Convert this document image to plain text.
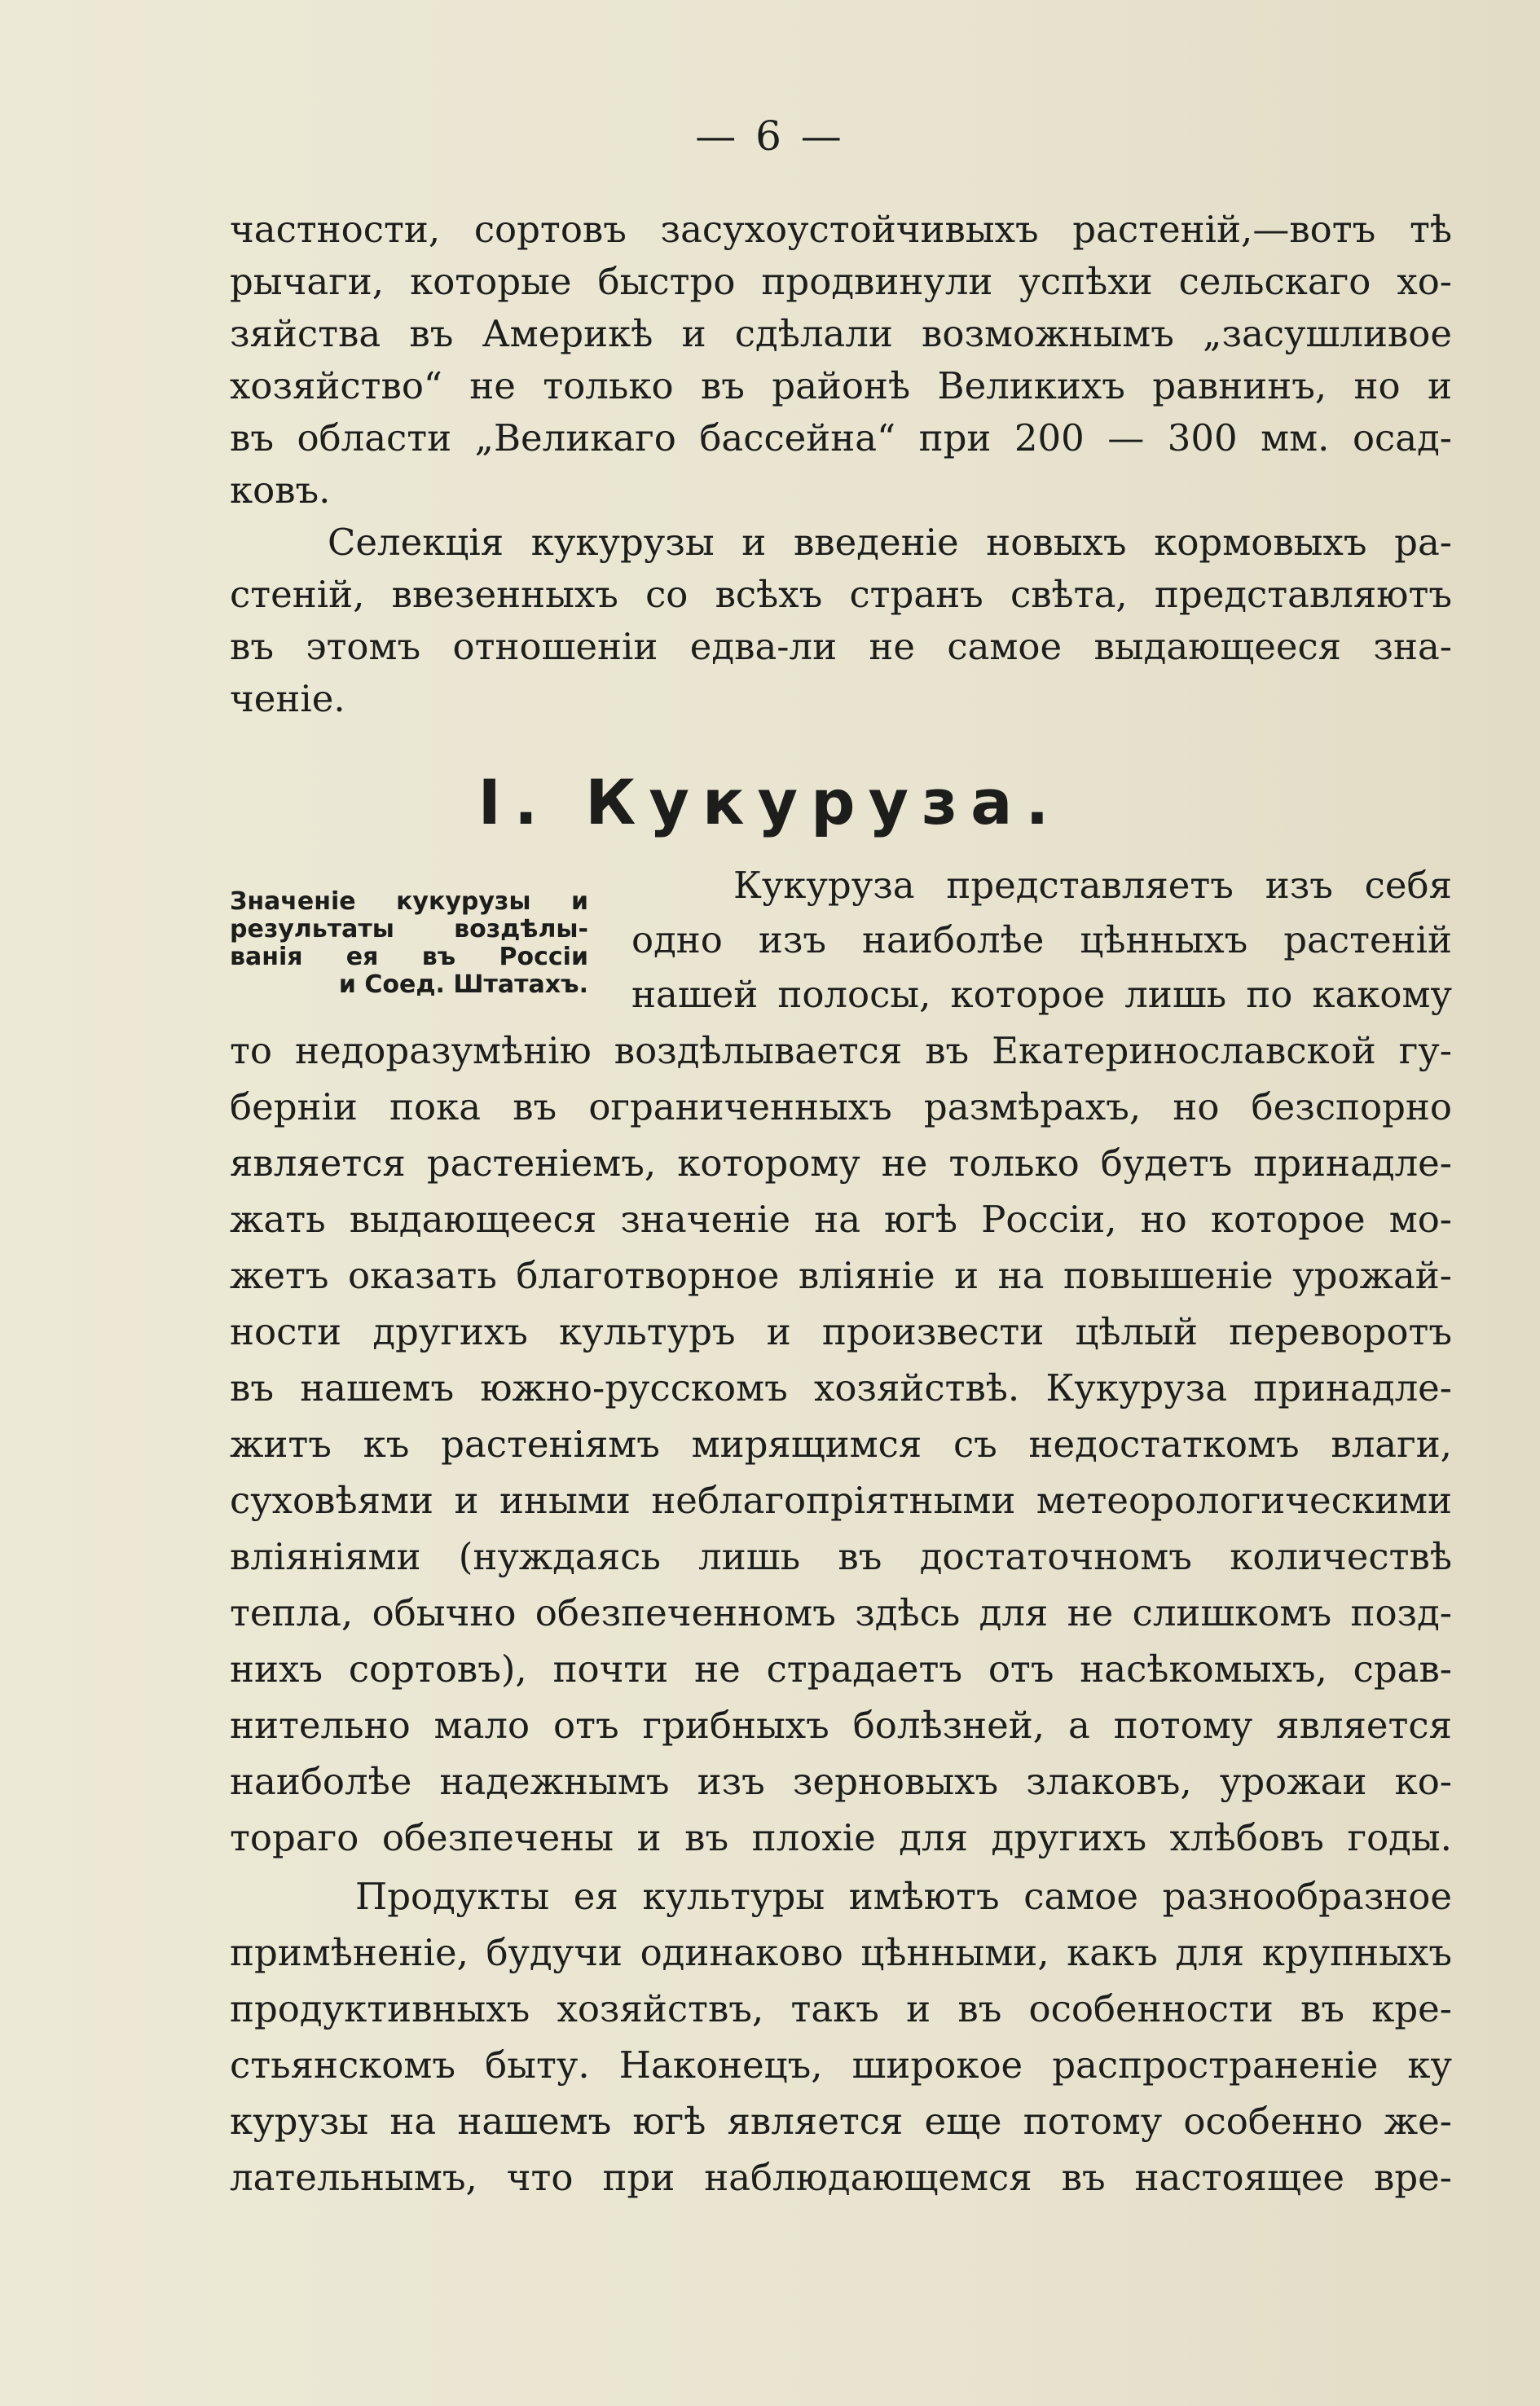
— 6 —
частности, сортовъ засухоустойчивыхъ растеній,—вотъ тѣ
рычаги, которые быстро продвинули успѣхи сельскаго хо-
зяйства въ Америкѣ и сдѣлали возможнымъ „засушливое
хозяйство“ не только въ районѣ Великихъ равнинъ, но и
въ области „Великаго бассейна“ при 200 — 300 мм. осад-
ковъ.
Селекція кукурузы и введеніе новыхъ кормовыхъ ра-
стеній, ввезенныхъ со всѣхъ странъ свѣта, представляютъ
въ этомъ отношеніи едва-ли не самое выдающееся зна-
ченіе.
I. Кукуруза.
Значеніе кукурузы и
результаты воздѣлы-
ванія ея въ Россіи
и Соед. Штатахъ.
Кукуруза представляетъ изъ себя
одно изъ наиболѣе цѣнныхъ растеній
нашей полосы, которое лишь по какому
то недоразумѣнію воздѣлывается въ Екатеринославской гу-
берніи пока въ ограниченныхъ размѣрахъ, но безспорно
является растеніемъ, которому не только будетъ принадле-
жать выдающееся значеніе на югѣ Россіи, но которое мо-
жетъ оказать благотворное вліяніе и на повышеніе урожай-
ности другихъ культуръ и произвести цѣлый переворотъ
въ нашемъ южно-русскомъ хозяйствѣ. Кукуруза принадле-
житъ къ растеніямъ мирящимся съ недостаткомъ влаги,
суховѣями и иными неблагопріятными метеорологическими
вліяніями (нуждаясь лишь въ достаточномъ количествѣ
тепла, обычно обезпеченномъ здѣсь для не слишкомъ позд-
нихъ сортовъ), почти не страдаетъ отъ насѣкомыхъ, срав-
нительно мало отъ грибныхъ болѣзней, а потому является
наиболѣе надежнымъ изъ зерновыхъ злаковъ, урожаи ко-
тораго обезпечены и въ плохіе для другихъ хлѣбовъ годы.
Продукты ея культуры имѣютъ самое разнообразное
примѣненіе, будучи одинаково цѣнными, какъ для крупныхъ
продуктивныхъ хозяйствъ, такъ и въ особенности въ кре-
стьянскомъ быту. Наконецъ, широкое распространеніе ку
курузы на нашемъ югѣ является еще потому особенно же-
лательнымъ, что при наблюдающемся въ настоящее вре-
